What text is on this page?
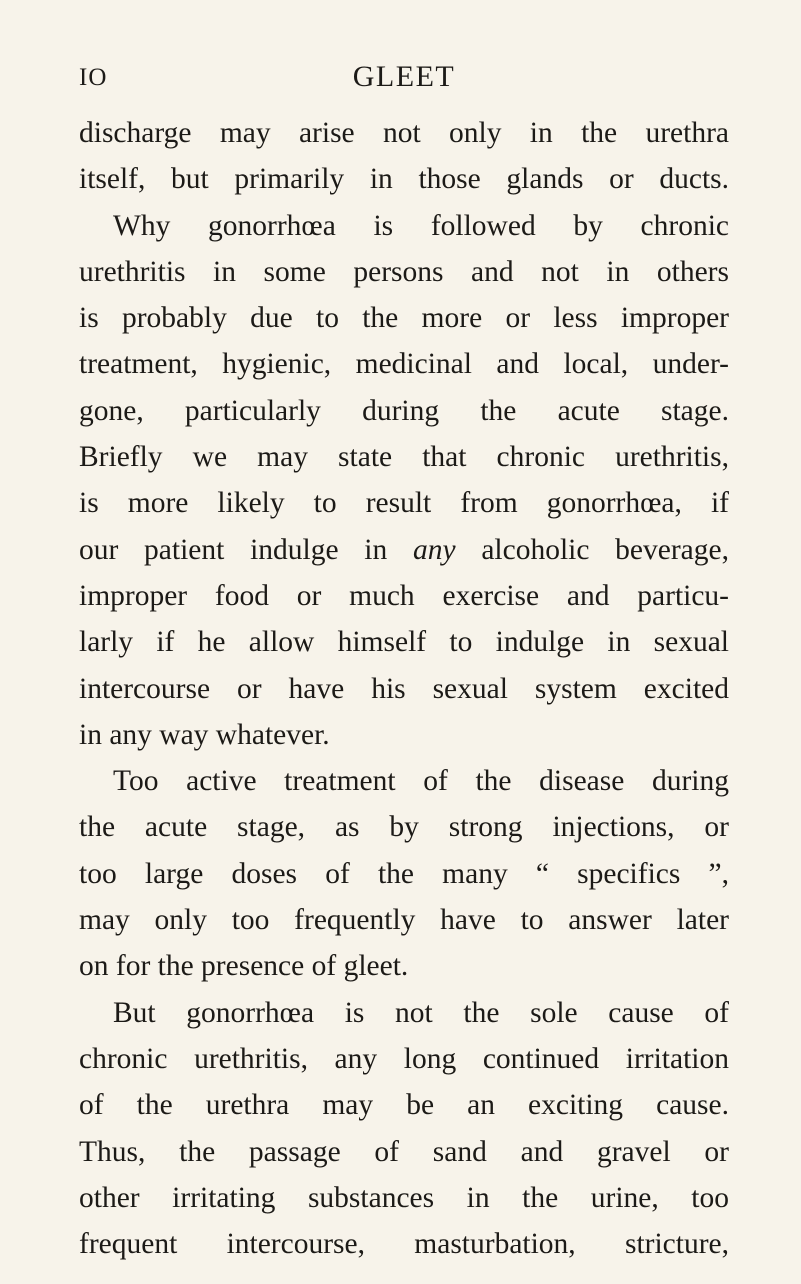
IO	GLEET
discharge may arise not only in the urethra
itself, but primarily in those glands or ducts.
Why gonorrhœa is followed by chronic
urethritis in some persons and not in others
is probably due to the more or less improper
treatment, hygienic, medicinal and local, under-
gone, particularly during the acute stage.
Briefly we may state that chronic urethritis,
is more likely to result from gonorrhœa, if
our patient indulge in any alcoholic beverage,
improper food or much exercise and particu-
larly if he allow himself to indulge in sexual
intercourse or have his sexual system excited
in any way whatever.
Too active treatment of the disease during
the acute stage, as by strong injections, or
too large doses of the many “ specifics ”,
may only too frequently have to answer later
on for the presence of gleet.
But gonorrhœa is not the sole cause of
chronic urethritis, any long continued irritation
of the urethra may be an exciting cause.
Thus, the passage of sand and gravel or
other irritating substances in the urine, too
frequent intercourse, masturbation, stricture,
